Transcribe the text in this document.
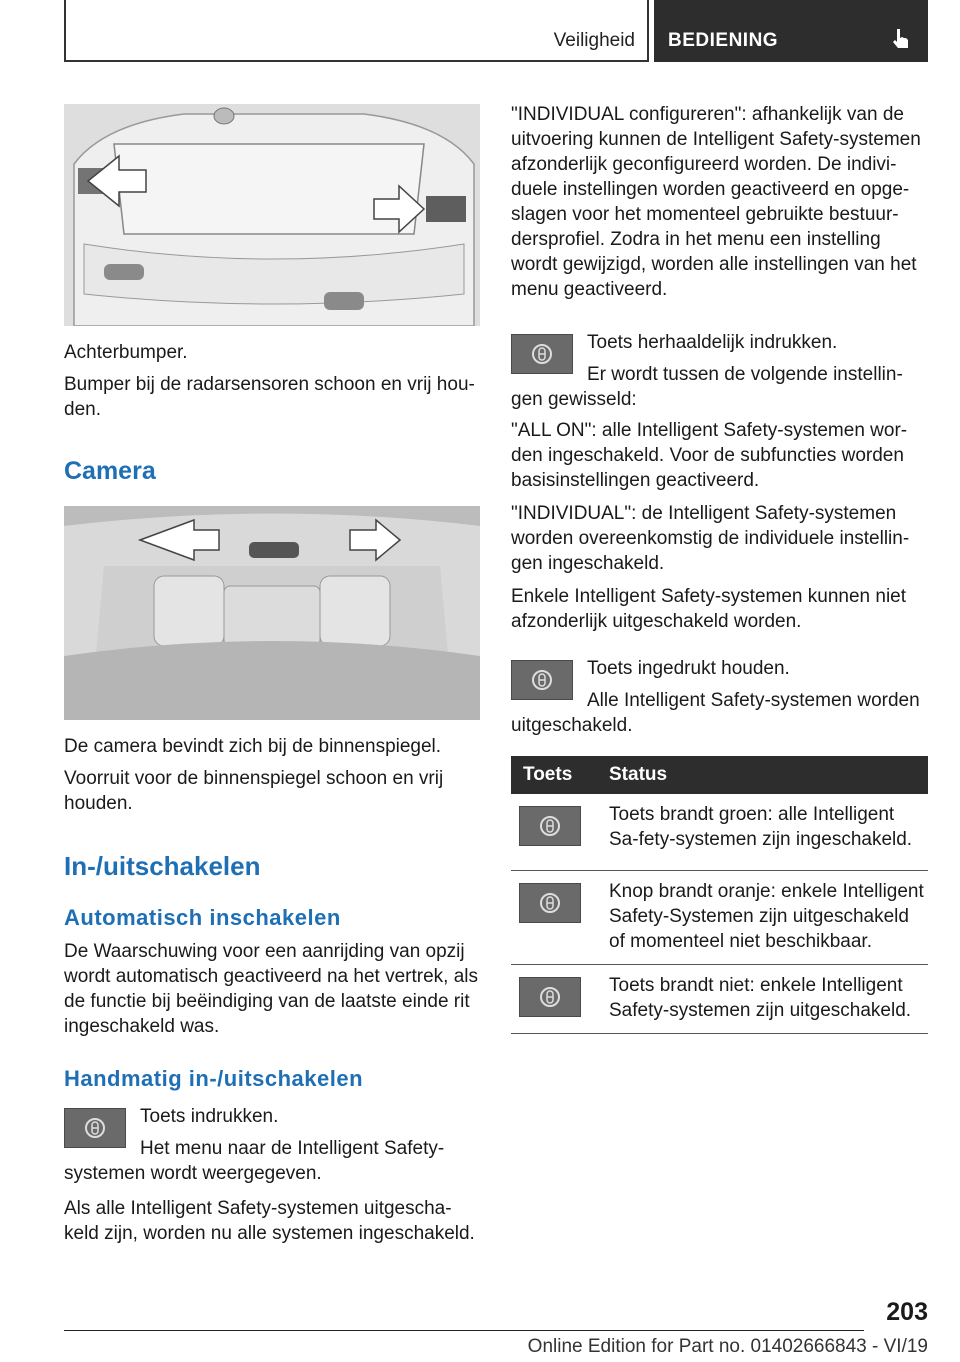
Veiligheid BEDIENING

Achterbumper.

Bumper bij de radarsensoren schoon en vrij hou-den.

Camera

De camera bevindt zich bij de binnenspiegel.

Voorruit voor de binnenspiegel schoon en vrij houden.

In-/uitschakelen
Automatisch inschakelen

De Waarschuwing voor een aanrijding van opzij wordt automatisch geactiveerd na het vertrek, als de functie bij beëindiging van de laatste einde rit ingeschakeld was.

Handmatig in-/uitschakelen

Toets indrukken.

Het menu naar de Intelligent Safety-systemen wordt weergegeven.

Als alle Intelligent Safety-systemen uitgescha-keld zijn, worden nu alle systemen ingeschakeld.

"INDIVIDUAL configureren": afhankelijk van de uitvoering kunnen de Intelligent Safety-systemen afzonderlijk geconfigureerd worden. De indivi-duele instellingen worden geactiveerd en opge-slagen voor het momenteel gebruikte bestuur-dersprofiel. Zodra in het menu een instelling wordt gewijzigd, worden alle instellingen van het menu geactiveerd.

Toets herhaaldelijk indrukken.

Er wordt tussen de volgende instellin-gen gewisseld:

"ALL ON": alle Intelligent Safety-systemen wor-den ingeschakeld. Voor de subfuncties worden basisinstellingen geactiveerd.

"INDIVIDUAL": de Intelligent Safety-systemen worden overeenkomstig de individuele instellin-gen ingeschakeld.

Enkele Intelligent Safety-systemen kunnen niet afzonderlijk uitgeschakeld worden.

Toets ingedrukt houden.

Alle Intelligent Safety-systemen worden uitgeschakeld.

Toets	Status

	Toets brandt groen: alle Intelligent Sa-fety-systemen zijn ingeschakeld.

	Knop brandt oranje: enkele Intelligent Safety-Systemen zijn uitgeschakeld of momenteel niet beschikbaar.

	Toets brandt niet: enkele Intelligent Safety-systemen zijn uitgeschakeld.
203
Online Edition for Part no. 01402666843 - VI/19
